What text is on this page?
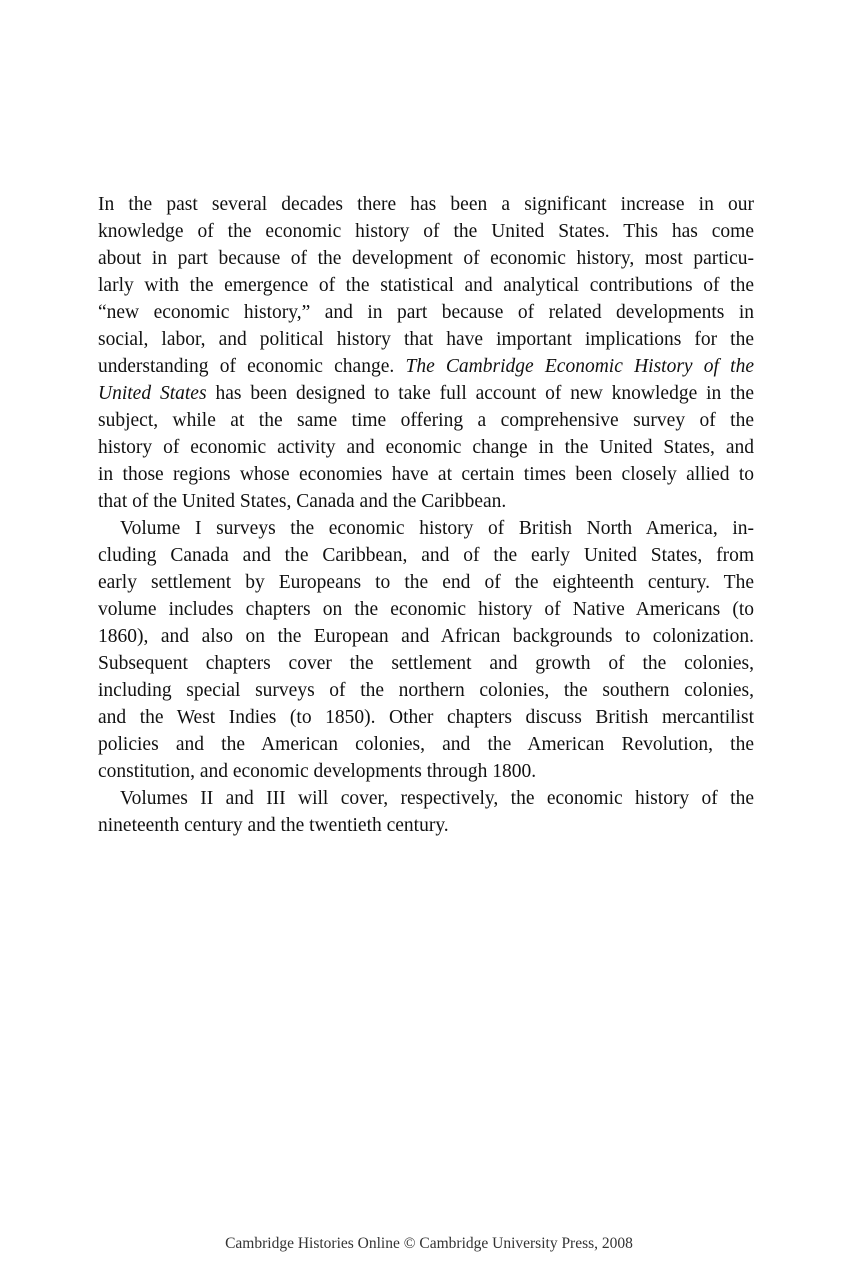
In the past several decades there has been a significant increase in our
knowledge of the economic history of the United States. This has come
about in part because of the development of economic history, most particu-
larly with the emergence of the statistical and analytical contributions of the
“new economic history,” and in part because of related developments in
social, labor, and political history that have important implications for the
understanding of economic change. The Cambridge Economic History of the
United States has been designed to take full account of new knowledge in the
subject, while at the same time offering a comprehensive survey of the
history of economic activity and economic change in the United States, and
in those regions whose economies have at certain times been closely allied to
that of the United States, Canada and the Caribbean.
Volume I surveys the economic history of British North America, in-
cluding Canada and the Caribbean, and of the early United States, from
early settlement by Europeans to the end of the eighteenth century. The
volume includes chapters on the economic history of Native Americans (to
1860), and also on the European and African backgrounds to colonization.
Subsequent chapters cover the settlement and growth of the colonies,
including special surveys of the northern colonies, the southern colonies,
and the West Indies (to 1850). Other chapters discuss British mercantilist
policies and the American colonies, and the American Revolution, the
constitution, and economic developments through 1800.
Volumes II and III will cover, respectively, the economic history of the
nineteenth century and the twentieth century.
Cambridge Histories Online © Cambridge University Press, 2008
